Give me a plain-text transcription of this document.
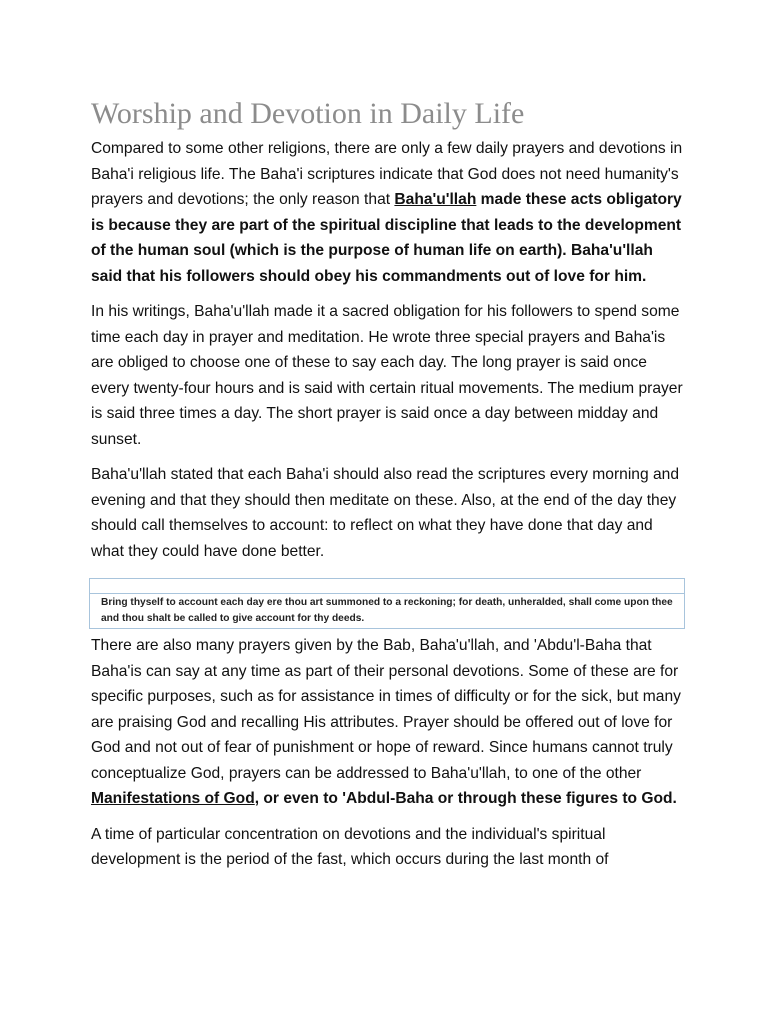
Worship and Devotion in Daily Life

Compared to some other religions, there are only a few daily prayers and devotions in Baha'i religious life. The Baha'i scriptures indicate that God does not need humanity's prayers and devotions; the only reason that Baha'u'llah made these acts obligatory is because they are part of the spiritual discipline that leads to the development of the human soul (which is the purpose of human life on earth). Baha'u'llah said that his followers should obey his commandments out of love for him.

In his writings, Baha'u'llah made it a sacred obligation for his followers to spend some time each day in prayer and meditation. He wrote three special prayers and Baha'is are obliged to choose one of these to say each day. The long prayer is said once every twenty-four hours and is said with certain ritual movements. The medium prayer is said three times a day. The short prayer is said once a day between midday and sunset.

Baha'u'llah stated that each Baha'i should also read the scriptures every morning and evening and that they should then meditate on these. Also, at the end of the day they should call themselves to account: to reflect on what they have done that day and what they could have done better.

Bring thyself to account each day ere thou art summoned to a reckoning; for death, unheralded, shall come upon thee and thou shalt be called to give account for thy deeds.

There are also many prayers given by the Bab, Baha'u'llah, and 'Abdu'l-Baha that Baha'is can say at any time as part of their personal devotions. Some of these are for specific purposes, such as for assistance in times of difficulty or for the sick, but many are praising God and recalling His attributes. Prayer should be offered out of love for God and not out of fear of punishment or hope of reward. Since humans cannot truly conceptualize God, prayers can be addressed to Baha'u'llah, to one of the other Manifestations of God, or even to 'Abdul-Baha or through these figures to God.

A time of particular concentration on devotions and the individual's spiritual development is the period of the fast, which occurs during the last month of
